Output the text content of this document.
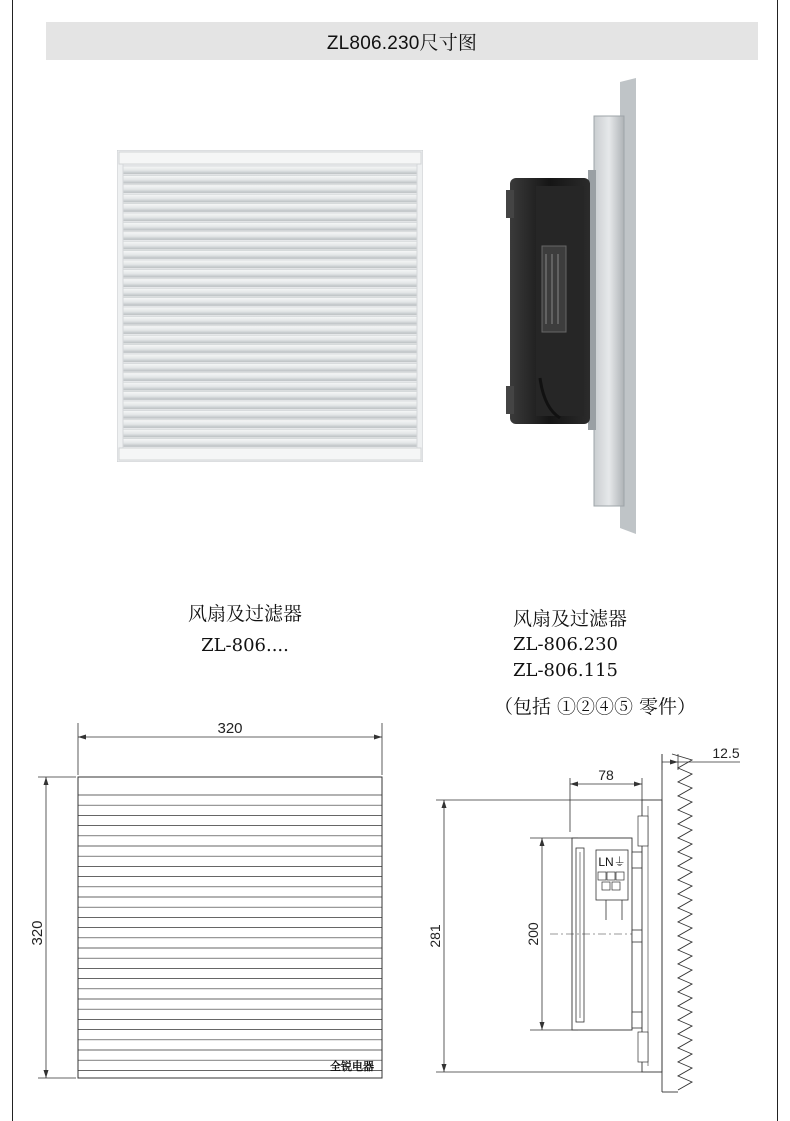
ZL806.230尺寸图
风扇及过滤器
ZL-806....
风扇及过滤器
ZL-806.230
ZL-806.115
（包括 ①②④⑤ 零件）
320
320
全锐电器
12.5
78
281	200
LN⏚
